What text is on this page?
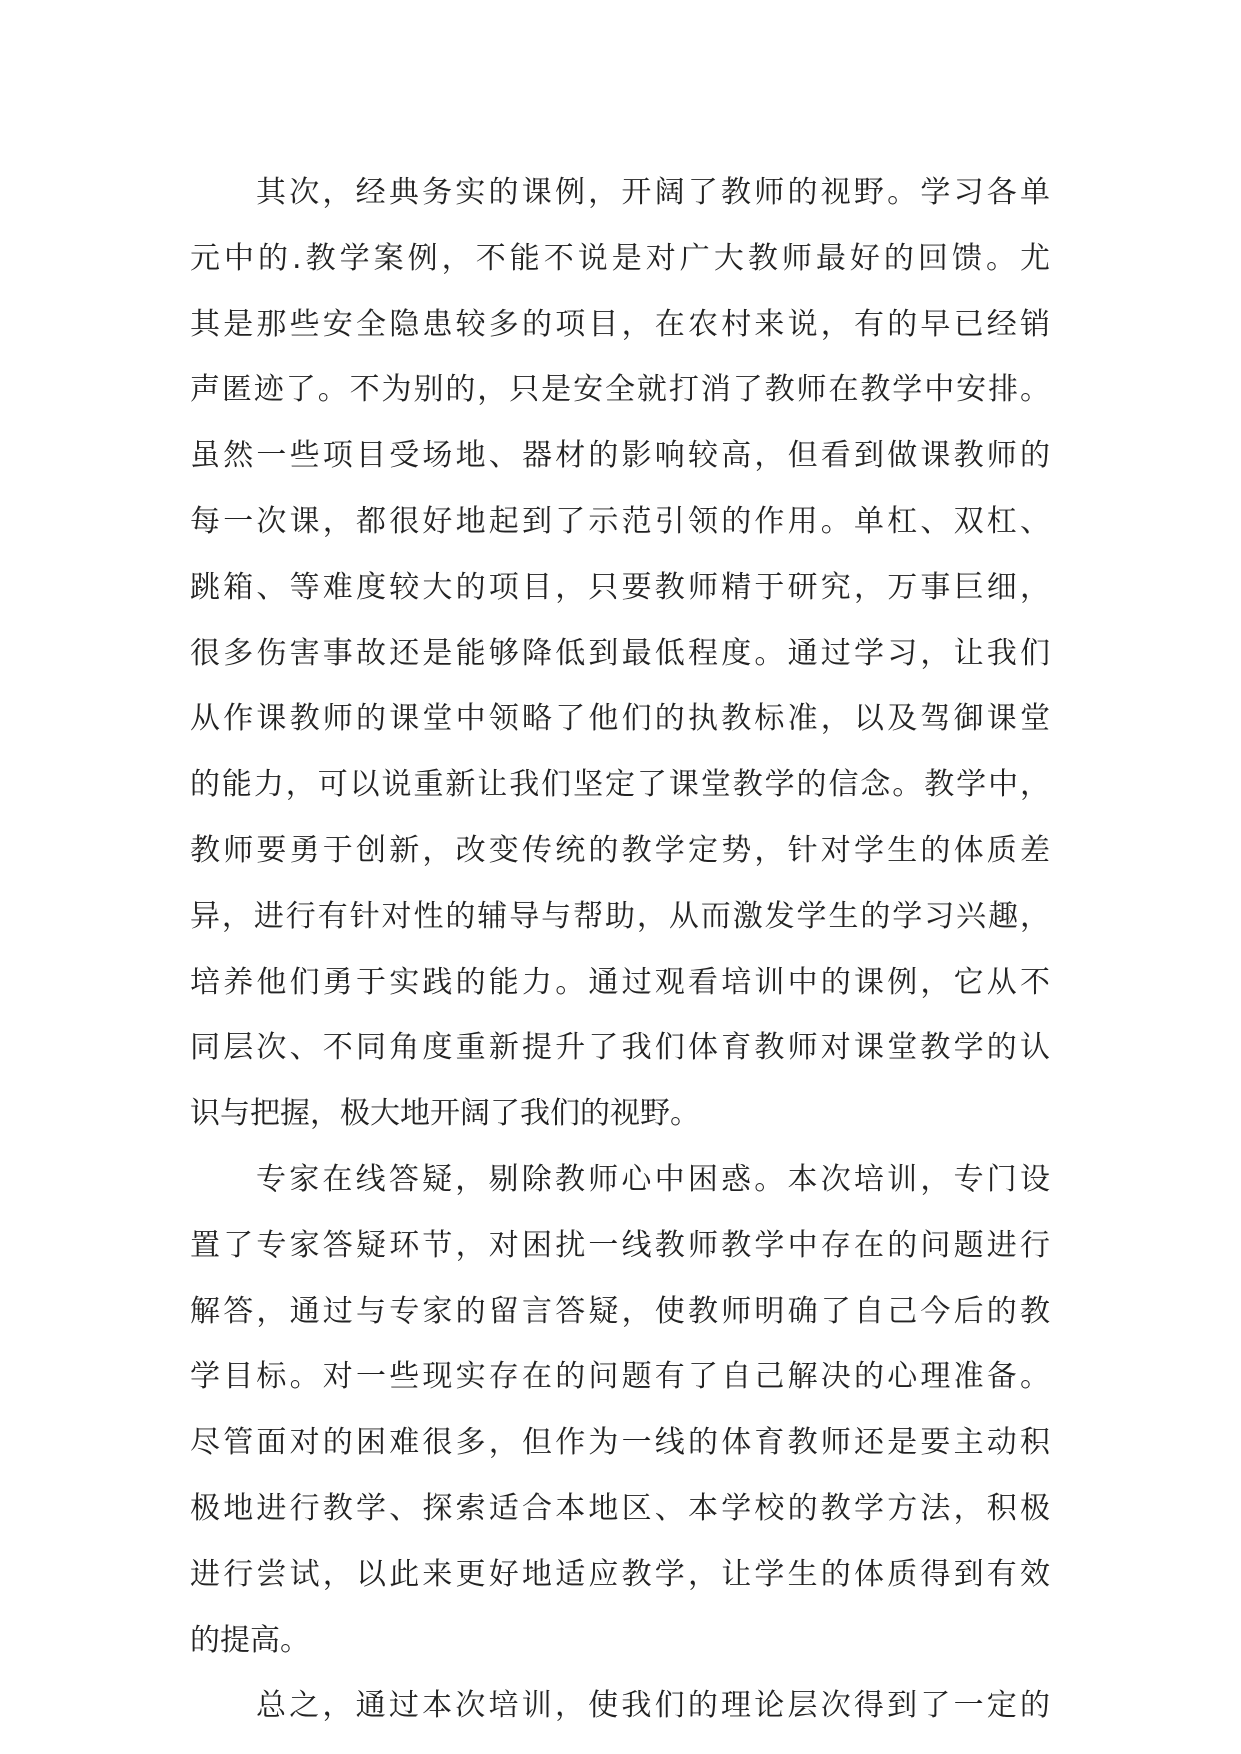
其次，经典务实的课例，开阔了教师的视野。学习各单
元中的.教学案例，不能不说是对广大教师最好的回馈。尤
其是那些安全隐患较多的项目，在农村来说，有的早已经销
声匿迹了。不为别的，只是安全就打消了教师在教学中安排。
虽然一些项目受场地、器材的影响较高，但看到做课教师的
每一次课，都很好地起到了示范引领的作用。单杠、双杠、
跳箱、等难度较大的项目，只要教师精于研究，万事巨细，
很多伤害事故还是能够降低到最低程度。通过学习，让我们
从作课教师的课堂中领略了他们的执教标准，以及驾御课堂
的能力，可以说重新让我们坚定了课堂教学的信念。教学中，
教师要勇于创新，改变传统的教学定势，针对学生的体质差
异，进行有针对性的辅导与帮助，从而激发学生的学习兴趣，
培养他们勇于实践的能力。通过观看培训中的课例，它从不
同层次、不同角度重新提升了我们体育教师对课堂教学的认
识与把握，极大地开阔了我们的视野。
专家在线答疑，剔除教师心中困惑。本次培训，专门设
置了专家答疑环节，对困扰一线教师教学中存在的问题进行
解答，通过与专家的留言答疑，使教师明确了自己今后的教
学目标。对一些现实存在的问题有了自己解决的心理准备。
尽管面对的困难很多，但作为一线的体育教师还是要主动积
极地进行教学、探索适合本地区、本学校的教学方法，积极
进行尝试，以此来更好地适应教学，让学生的体质得到有效
的提高。
总之，通过本次培训，使我们的理论层次得到了一定的
